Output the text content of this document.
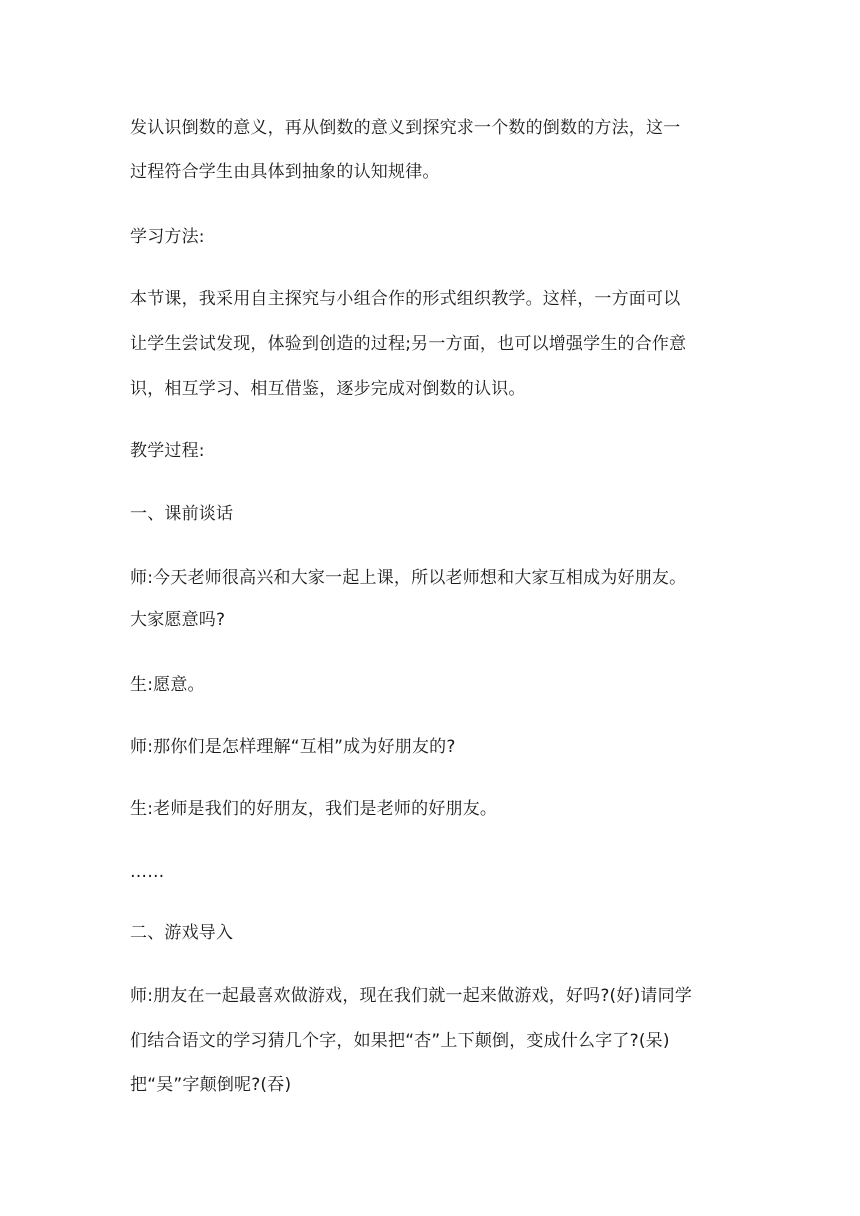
发认识倒数的意义，再从倒数的意义到探究求一个数的倒数的方法，这一
过程符合学生由具体到抽象的认知规律。
学习方法:
本节课，我采用自主探究与小组合作的形式组织教学。这样，一方面可以
让学生尝试发现，体验到创造的过程;另一方面，也可以增强学生的合作意
识，相互学习、相互借鉴，逐步完成对倒数的认识。
教学过程:
一、课前谈话
师:今天老师很高兴和大家一起上课，所以老师想和大家互相成为好朋友。
大家愿意吗?
生:愿意。
师:那你们是怎样理解“互相”成为好朋友的?
生:老师是我们的好朋友，我们是老师的好朋友。
……
二、游戏导入
师:朋友在一起最喜欢做游戏，现在我们就一起来做游戏，好吗?(好)请同学
们结合语文的学习猜几个字，如果把“杏”上下颠倒，变成什么字了?(呆)
把“吴”字颠倒呢?(吞)
